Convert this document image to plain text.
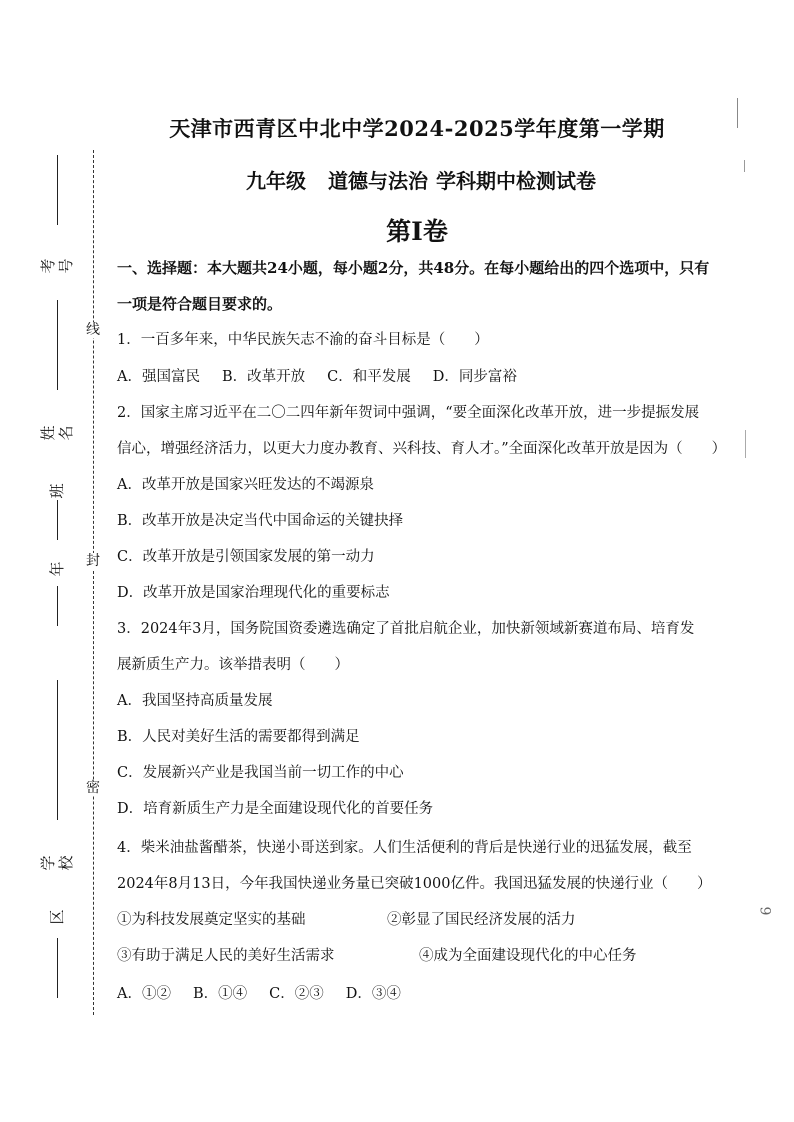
线
封
密
考号
姓名
班
年
学校
区	9
天津市西青区中北中学2024-2025学年度第一学期
九年级 道德与法治 学科期中检测试卷
第I卷
一、选择题：本大题共24小题，每小题2分，共48分。在每小题给出的四个选项中，只有
一项是符合题目要求的。
1．一百多年来，中华民族矢志不渝的奋斗目标是（　　）
A．强国富民 B．改革开放 C．和平发展 D．同步富裕
2．国家主席习近平在二〇二四年新年贺词中强调，“要全面深化改革开放，进一步提振发展
信心，增强经济活力，以更大力度办教育、兴科技、育人才。”全面深化改革开放是因为（　　）
A．改革开放是国家兴旺发达的不竭源泉
B．改革开放是决定当代中国命运的关键抉择
C．改革开放是引领国家发展的第一动力
D．改革开放是国家治理现代化的重要标志
3．2024年3月，国务院国资委遴选确定了首批启航企业，加快新领域新赛道布局、培育发
展新质生产力。该举措表明（　　）
A．我国坚持高质量发展
B．人民对美好生活的需要都得到满足
C．发展新兴产业是我国当前一切工作的中心
D．培育新质生产力是全面建设现代化的首要任务
4．柴米油盐酱醋茶，快递小哥送到家。人们生活便利的背后是快递行业的迅猛发展，截至
2024年8月13日，今年我国快递业务量已突破1000亿件。我国迅猛发展的快递行业（　　）
①为科技发展奠定坚实的基础	②彰显了国民经济发展的活力
③有助于满足人民的美好生活需求	④成为全面建设现代化的中心任务
A．①② B．①④ C．②③ D．③④
